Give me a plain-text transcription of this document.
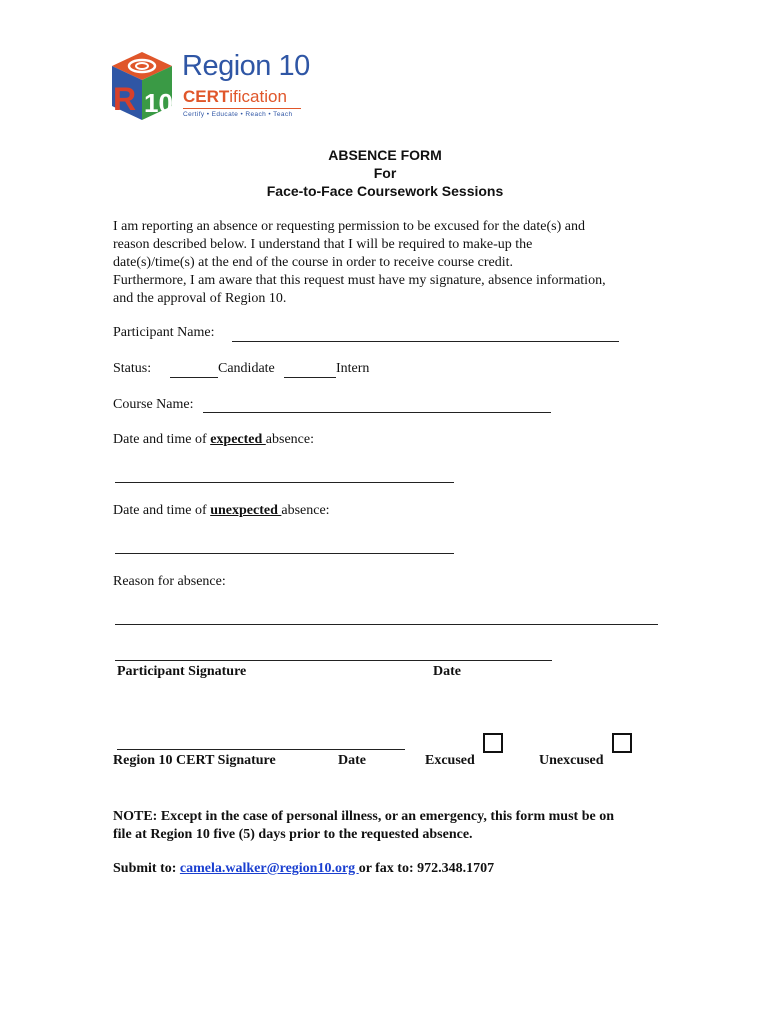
R 10
Region 10
CERTification
Certify • Educate • Reach • Teach
ABSENCE FORM
For
Face-to-Face Coursework Sessions
I am reporting an absence or requesting permission to be excused for the date(s) and
reason described below. I understand that I will be required to make-up the
date(s)/time(s) at the end of the course in order to receive course credit.
Furthermore, I am aware that this request must have my signature, absence information,
and the approval of Region 10.
Participant Name:
Status:	Candidate	Intern
Course Name:
Date and time of expected absence:
Date and time of unexpected absence:
Reason for absence:
Participant Signature	Date
Region 10 CERT Signature	Date	Excused	Unexcused
NOTE: Except in the case of personal illness, or an emergency, this form must be on
file at Region 10 five (5) days prior to the requested absence.
Submit to: camela.walker@region10.org or fax to: 972.348.1707
